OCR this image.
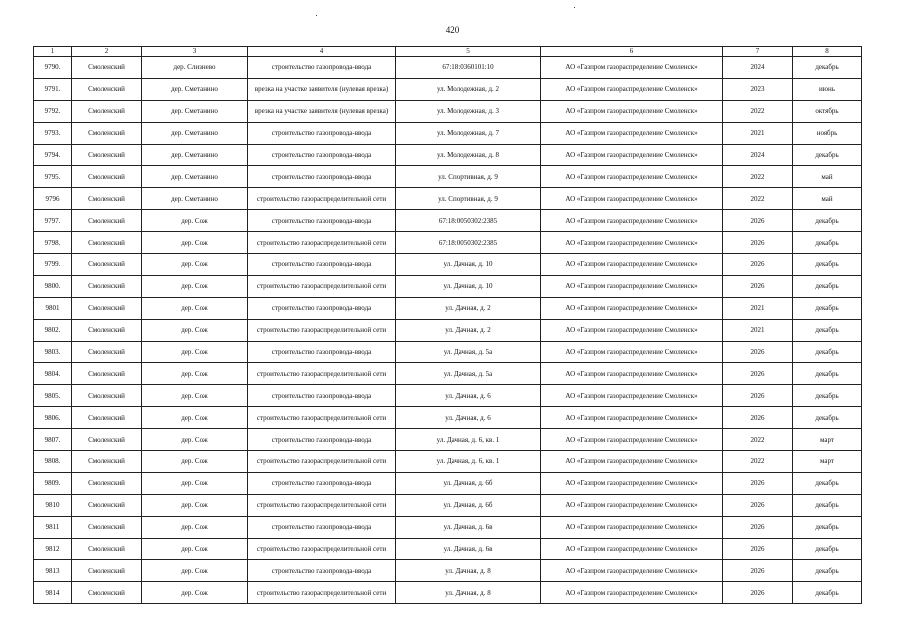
420
1	2	3	4	5	6	7	8
9790.	Смоленский	дер. Слизнево	строительство газопровода-ввода	67:18:0360101:10	АО «Газпром газораспределение Смоленск»	2024	декабрь
9791.	Смоленский	дер. Сметанино	врезка на участке заявителя (нулевая врезка)	ул. Молодежная, д. 2	АО «Газпром газораспределение Смоленск»	2023	июнь
9792.	Смоленский	дер. Сметанино	врезка на участке заявителя (нулевая врезка)	ул. Молодежная, д. 3	АО «Газпром газораспределение Смоленск»	2022	октябрь
9793.	Смоленский	дер. Сметанино	строительство газопровода-ввода	ул. Молодежная, д. 7	АО «Газпром газораспределение Смоленск»	2021	ноябрь
9794.	Смоленский	дер. Сметанино	строительство газопровода-ввода	ул. Молодежная, д. 8	АО «Газпром газораспределение Смоленск»	2024	декабрь
9795.	Смоленский	дер. Сметанино	строительство газопровода-ввода	ул. Спортивная, д. 9	АО «Газпром газораспределение Смоленск»	2022	май
9796	Смоленский	дер. Сметанино	строительство газораспределительной сети	ул. Спортивная, д. 9	АО «Газпром газораспределение Смоленск»	2022	май
9797.	Смоленский	дер. Сож	строительство газопровода-ввода	67:18:0050302:2385	АО «Газпром газораспределение Смоленск»	2026	декабрь
9798.	Смоленский	дер. Сож	строительство газораспределительной сети	67:18:0050302:2385	АО «Газпром газораспределение Смоленск»	2026	декабрь
9799.	Смоленский	дер. Сож	строительство газопровода-ввода	ул. Дачная, д. 10	АО «Газпром газораспределение Смоленск»	2026	декабрь
9800.	Смоленский	дер. Сож	строительство газораспределительной сети	ул. Дачная, д. 10	АО «Газпром газораспределение Смоленск»	2026	декабрь
9801	Смоленский	дер. Сож	строительство газопровода-ввода	ул. Дачная, д. 2	АО «Газпром газораспределение Смоленск»	2021	декабрь
9802.	Смоленский	дер. Сож	строительство газораспределительной сети	ул. Дачная, д. 2	АО «Газпром газораспределение Смоленск»	2021	декабрь
9803.	Смоленский	дер. Сож	строительство газопровода-ввода	ул. Дачная, д. 5а	АО «Газпром газораспределение Смоленск»	2026	декабрь
9804.	Смоленский	дер. Сож	строительство газораспределительной сети	ул. Дачная, д. 5а	АО «Газпром газораспределение Смоленск»	2026	декабрь
9805.	Смоленский	дер. Сож	строительство газопровода-ввода	ул. Дачная, д. 6	АО «Газпром газораспределение Смоленск»	2026	декабрь
9806.	Смоленский	дер. Сож	строительство газораспределительной сети	ул. Дачная, д. 6	АО «Газпром газораспределение Смоленск»	2026	декабрь
9807.	Смоленский	дер. Сож	строительство газопровода-ввода	ул. Дачная, д. 6, кв. 1	АО «Газпром газораспределение Смоленск»	2022	март
9808.	Смоленский	дер. Сож	строительство газораспределительной сети	ул. Дачная, д. 6, кв. 1	АО «Газпром газораспределение Смоленск»	2022	март
9809.	Смоленский	дер. Сож	строительство газопровода-ввода	ул. Дачная, д. 6б	АО «Газпром газораспределение Смоленск»	2026	декабрь
9810	Смоленский	дер. Сож	строительство газораспределительной сети	ул. Дачная, д. 6б	АО «Газпром газораспределение Смоленск»	2026	декабрь
9811	Смоленский	дер. Сож	строительство газопровода-ввода	ул. Дачная, д. 6в	АО «Газпром газораспределение Смоленск»	2026	декабрь
9812	Смоленский	дер. Сож	строительство газораспределительной сети	ул. Дачная, д. 6в	АО «Газпром газораспределение Смоленск»	2026	декабрь
9813	Смоленский	дер. Сож	строительство газопровода-ввода	ул. Дачная, д. 8	АО «Газпром газораспределение Смоленск»	2026	декабрь
9814	Смоленский	дер. Сож	строительство газораспределительной сети	ул. Дачная, д. 8	АО «Газпром газораспределение Смоленск»	2026	декабрь
